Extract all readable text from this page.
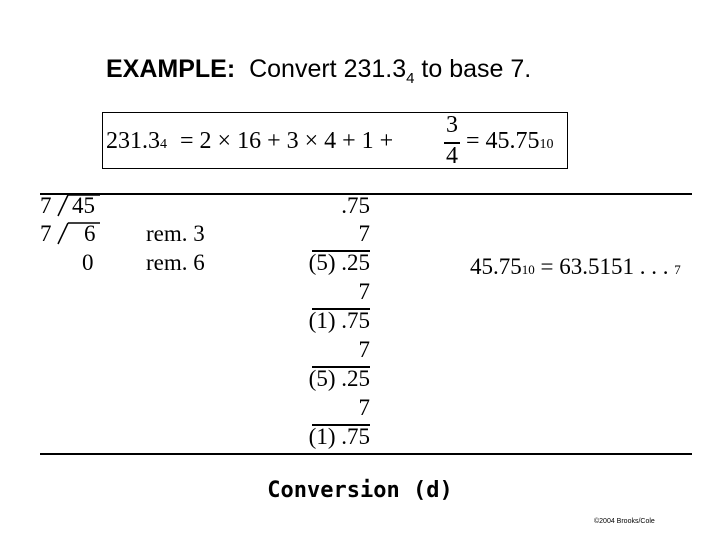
EXAMPLE: Convert $231.3_4$ to base 7.
231.34 = 2 × 16 + 3 × 4 + 1 +
3
4
= 45.7510
7 45
7 6
0
rem. 3
rem. 6
.75
7
(5) .25
7
(1) .75
7
(5) .25
7
(1) .75
45.7510 = 63.5151 . . . 7
Conversion (d)
©2004 Brooks/Cole
